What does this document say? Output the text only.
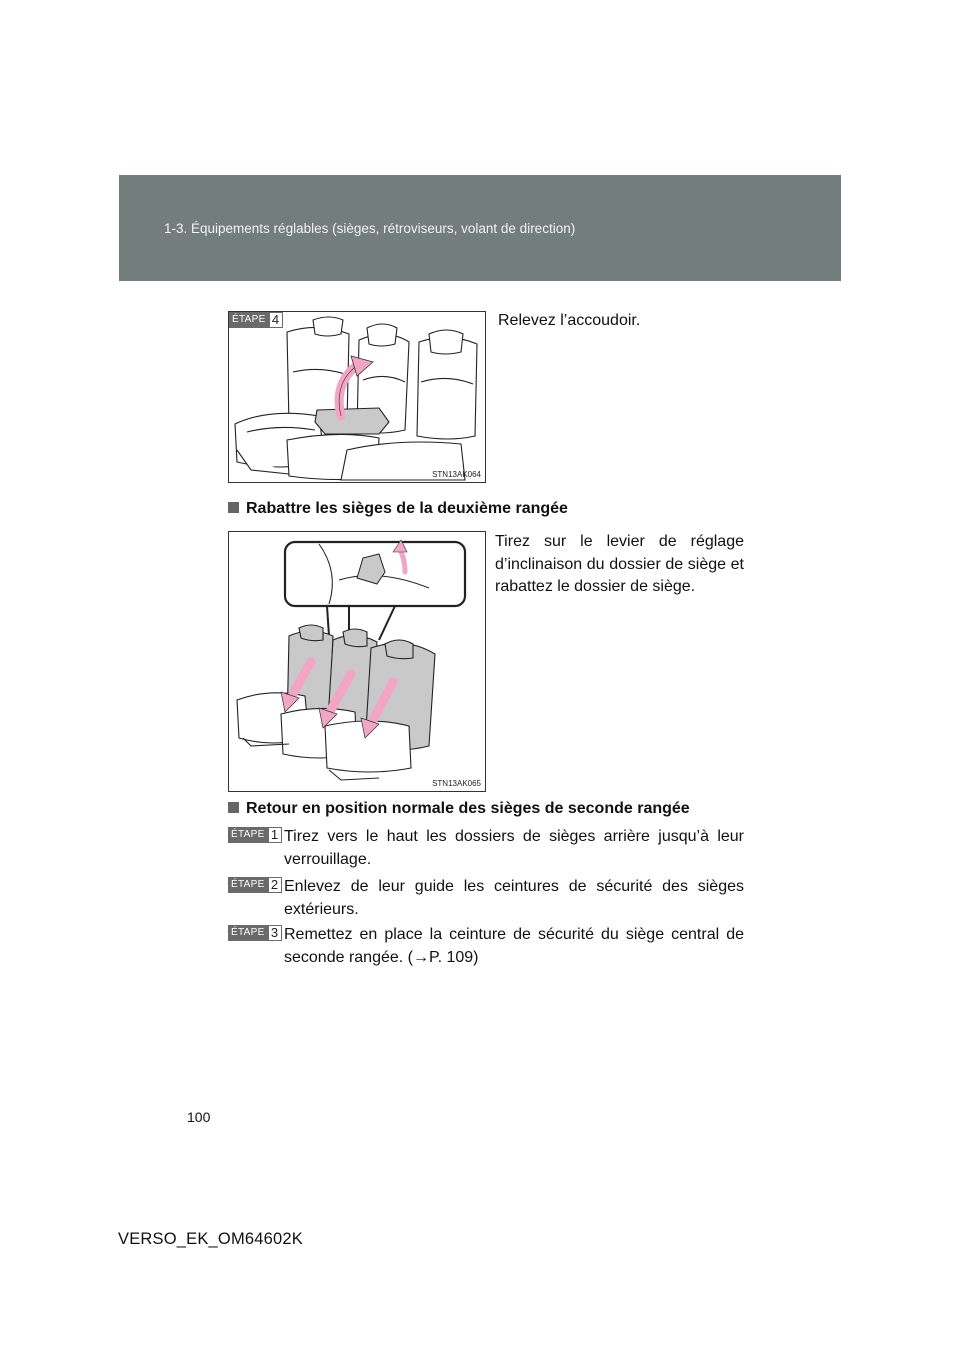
1-3. Équipements réglables (sièges, rétroviseurs, volant de direction)
ÉTAPE 4
STN13AK064
Relevez l’accoudoir.
Rabattre les sièges de la deuxième rangée
STN13AK065
Tirez sur le levier de réglage d’inclinaison du dossier de siège et rabattez le dossier de siège.
Retour en position normale des sièges de seconde rangée
ÉTAPE 1 Tirez vers le haut les dossiers de sièges arrière jusqu’à leur verrouillage.
ÉTAPE 2 Enlevez de leur guide les ceintures de sécurité des sièges extérieurs.
ÉTAPE 3 Remettez en place la ceinture de sécurité du siège central de seconde rangée. (→P. 109)
100
VERSO_EK_OM64602K
